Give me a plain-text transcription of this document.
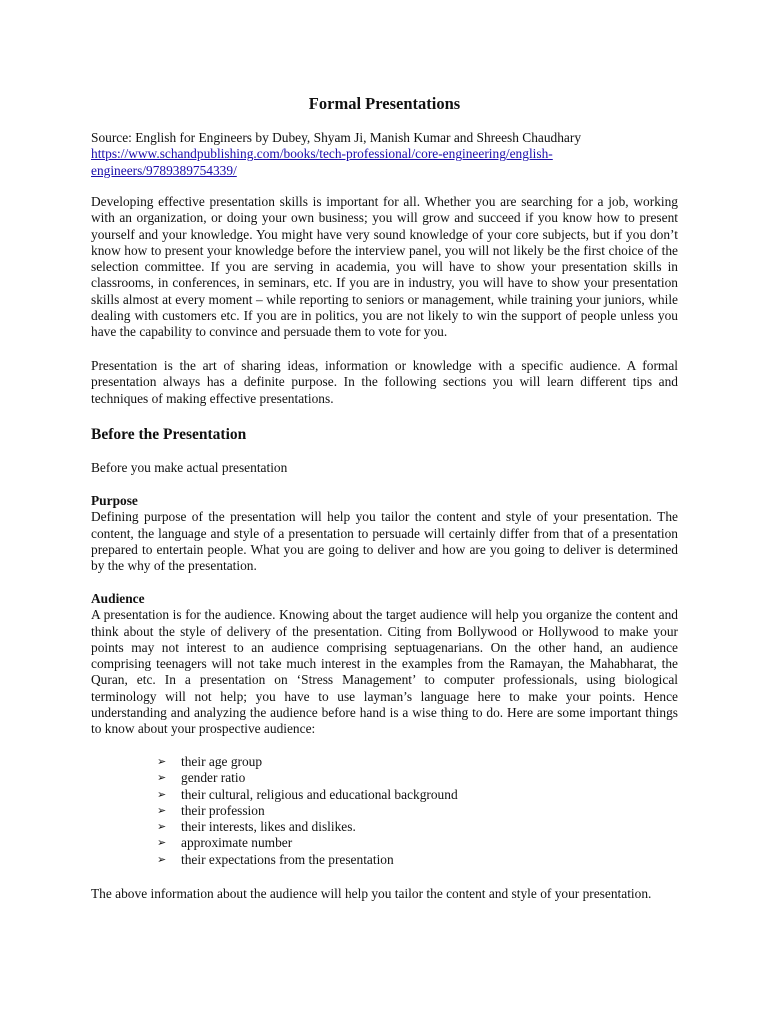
Formal Presentations
Source: English for Engineers by Dubey, Shyam Ji, Manish Kumar and Shreesh Chaudhary
https://www.schandpublishing.com/books/tech-professional/core-engineering/english-engineers/9789389754339/

Developing effective presentation skills is important for all. Whether you are searching for a job, working with an organization, or doing your own business; you will grow and succeed if you know how to present yourself and your knowledge. You might have very sound knowledge of your core subjects, but if you don’t know how to present your knowledge before the interview panel, you will not likely be the first choice of the selection committee. If you are serving in academia, you will have to show your presentation skills in classrooms, in conferences, in seminars, etc. If you are in industry, you will have to show your presentation skills almost at every moment – while reporting to seniors or management, while training your juniors, while dealing with customers etc. If you are in politics, you are not likely to win the support of people unless you have the capability to convince and persuade them to vote for you.

Presentation is the art of sharing ideas, information or knowledge with a specific audience. A formal presentation always has a definite purpose. In the following sections you will learn different tips and techniques of making effective presentations.

Before the Presentation

Before you make actual presentation

Purpose
Defining purpose of the presentation will help you tailor the content and style of your presentation. The content, the language and style of a presentation to persuade will certainly differ from that of a presentation prepared to entertain people. What you are going to deliver and how are you going to deliver is determined by the why of the presentation.
Audience
A presentation is for the audience. Knowing about the target audience will help you organize the content and think about the style of delivery of the presentation. Citing from Bollywood or Hollywood to make your points may not interest to an audience comprising septuagenarians. On the other hand, an audience comprising teenagers will not take much interest in the examples from the Ramayan, the Mahabharat, the Quran, etc. In a presentation on ‘Stress Management’ to computer professionals, using biological terminology will not help; you have to use layman’s language here to make your points. Hence understanding and analyzing the audience before hand is a wise thing to do. Here are some important things to know about your prospective audience:
➢ their age group
➢ gender ratio
➢ their cultural, religious and educational background
➢ their profession
➢ their interests, likes and dislikes.
➢ approximate number
➢ their expectations from the presentation

The above information about the audience will help you tailor the content and style of your presentation.
